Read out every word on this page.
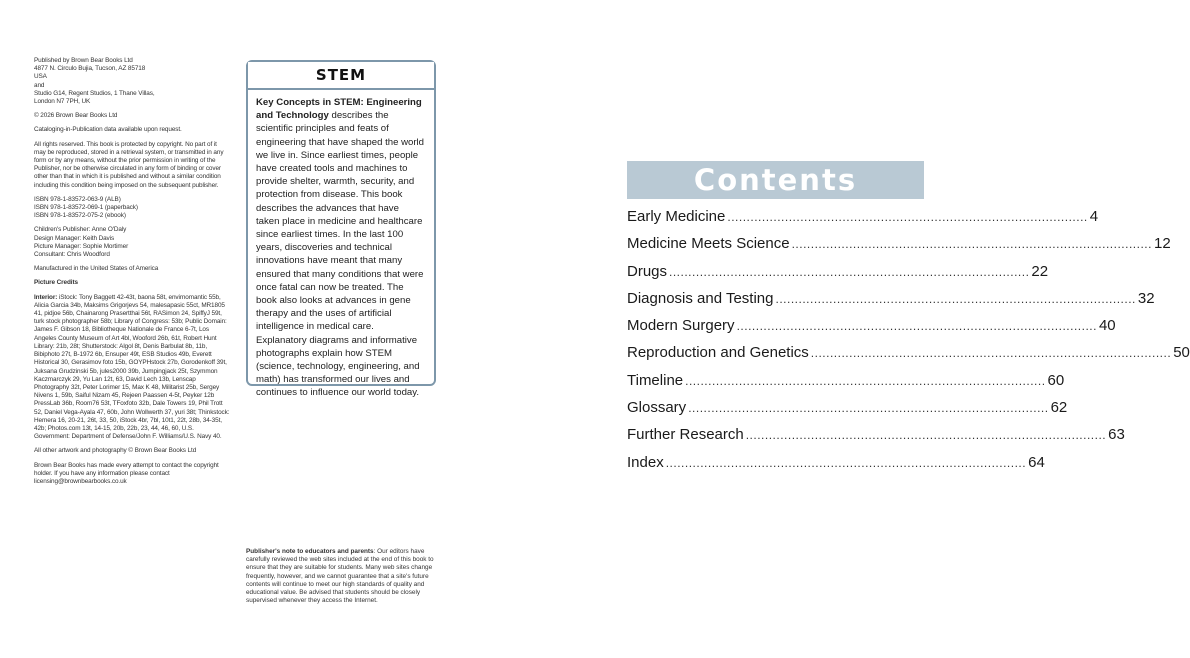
Published by Brown Bear Books Ltd
4877 N. Circulo Bujia, Tucson, AZ 85718
USA
and
Studio G14, Regent Studios, 1 Thane Villas,
London N7 7PH, UK

© 2026 Brown Bear Books Ltd

Cataloging-in-Publication data available upon request.

All rights reserved. This book is protected by copyright. No part of it may be reproduced, stored in a retrieval system, or transmitted in any form or by any means, without the prior permission in writing of the Publisher, nor be otherwise circulated in any form of binding or cover other than that in which it is published and without a similar condition including this condition being imposed on the subsequent publisher.

ISBN 978-1-83572-063-9 (ALB)
ISBN 978-1-83572-069-1 (paperback)
ISBN 978-1-83572-075-2 (ebook)

Children's Publisher: Anne O'Daly
Design Manager: Keith Davis
Picture Manager: Sophie Mortimer
Consultant: Chris Woodford

Manufactured in the United States of America

Picture Credits

Interior: iStock: Tony Baggett 42-43t, baona 58t, envirnomantic 55b, Alicia Garcia 34b, Maksims Grigorjevs 54, malesapasic 55ct, MR1805 41, pidjoe 56b, Chainarong Prasertthai 56t, RASimon 24, SpiffyJ 59t, turk stock photographer 58b; Library of Congress: 53b; Public Domain: James F. Gibson 18, Bibliotheque Nationale de France 6-7t, Los Angeles County Museum of Art 4bl, Wooford 26b, 61t, Robert Hunt Library: 21b, 28t; Shutterstock: Algol 8t, Denis Barbulat 8b, 11b, Bibiphoto 27t, B-1972 6b, Ensuper 49t, ESB Studios 49b, Everett Historical 30, Gerasimov foto 15b, GOYPHstock 27b, Gorodenkoff 39t, Juksana Grudzinski 5b, jules2000 39b, Jumpingjack 25t, Szymmon Kaczmarczyk 29, Yu Lan 12t, 63, David Lech 13b, Lenscap Photography 32t, Peter Lorimer 15, Max K 48, Militarist 25b, Sergey Nivens 1, 59b, Saiful Nizam 45, Rejeen Paassen 4-5t, Peyker 12b PressLab 36b, Room76 53t, TFoxfoto 32b, Dale Towers 19, Phil Trott 52, Daniel Vega-Ayala 47, 60b, John Wollwerth 37, yuri 38t; Thinkstock: Hemera 16, 20-21, 26t, 33, 50, iStock 4br, 7bl, 10t1, 22t, 28b, 34-35t, 42b; Photos.com 13t, 14-15, 20b, 22b, 23, 44, 46, 60, U.S. Government: Department of Defense/John F. Williams/U.S. Navy 40.

All other artwork and photography © Brown Bear Books Ltd

Brown Bear Books has made every attempt to contact the copyright holder. If you have any information please contact licensing@brownbearbooks.co.uk

STEM
Key Concepts in STEM: Engineering and Technology describes the scientific principles and feats of engineering that have shaped the world we live in. Since earliest times, people have created tools and machines to provide shelter, warmth, security, and protection from disease. This book describes the advances that have taken place in medicine and healthcare since earliest times. In the last 100 years, discoveries and technical innovations have meant that many ensured that many conditions that were once fatal can now be treated. The book also looks at advances in gene therapy and the uses of artificial intelligence in medical care. Explanatory diagrams and informative photographs explain how STEM (science, technology, engineering, and math) has transformed our lives and continues to influence our world today.
Publisher's note to educators and parents: Our editors have carefully reviewed the web sites included at the end of this book to ensure that they are suitable for students. Many web sites change frequently, however, and we cannot guarantee that a site's future contents will continue to meet our high standards of quality and educational value. Be advised that students should be closely supervised whenever they access the Internet.
Contents
Early Medicine .............................................................................................. 4
Medicine Meets Science .............................................................................................. 12
Drugs .............................................................................................. 22
Diagnosis and Testing .............................................................................................. 32
Modern Surgery .............................................................................................. 40
Reproduction and Genetics .............................................................................................. 50
Timeline .............................................................................................. 60
Glossary .............................................................................................. 62
Further Research .............................................................................................. 63
Index .............................................................................................. 64
